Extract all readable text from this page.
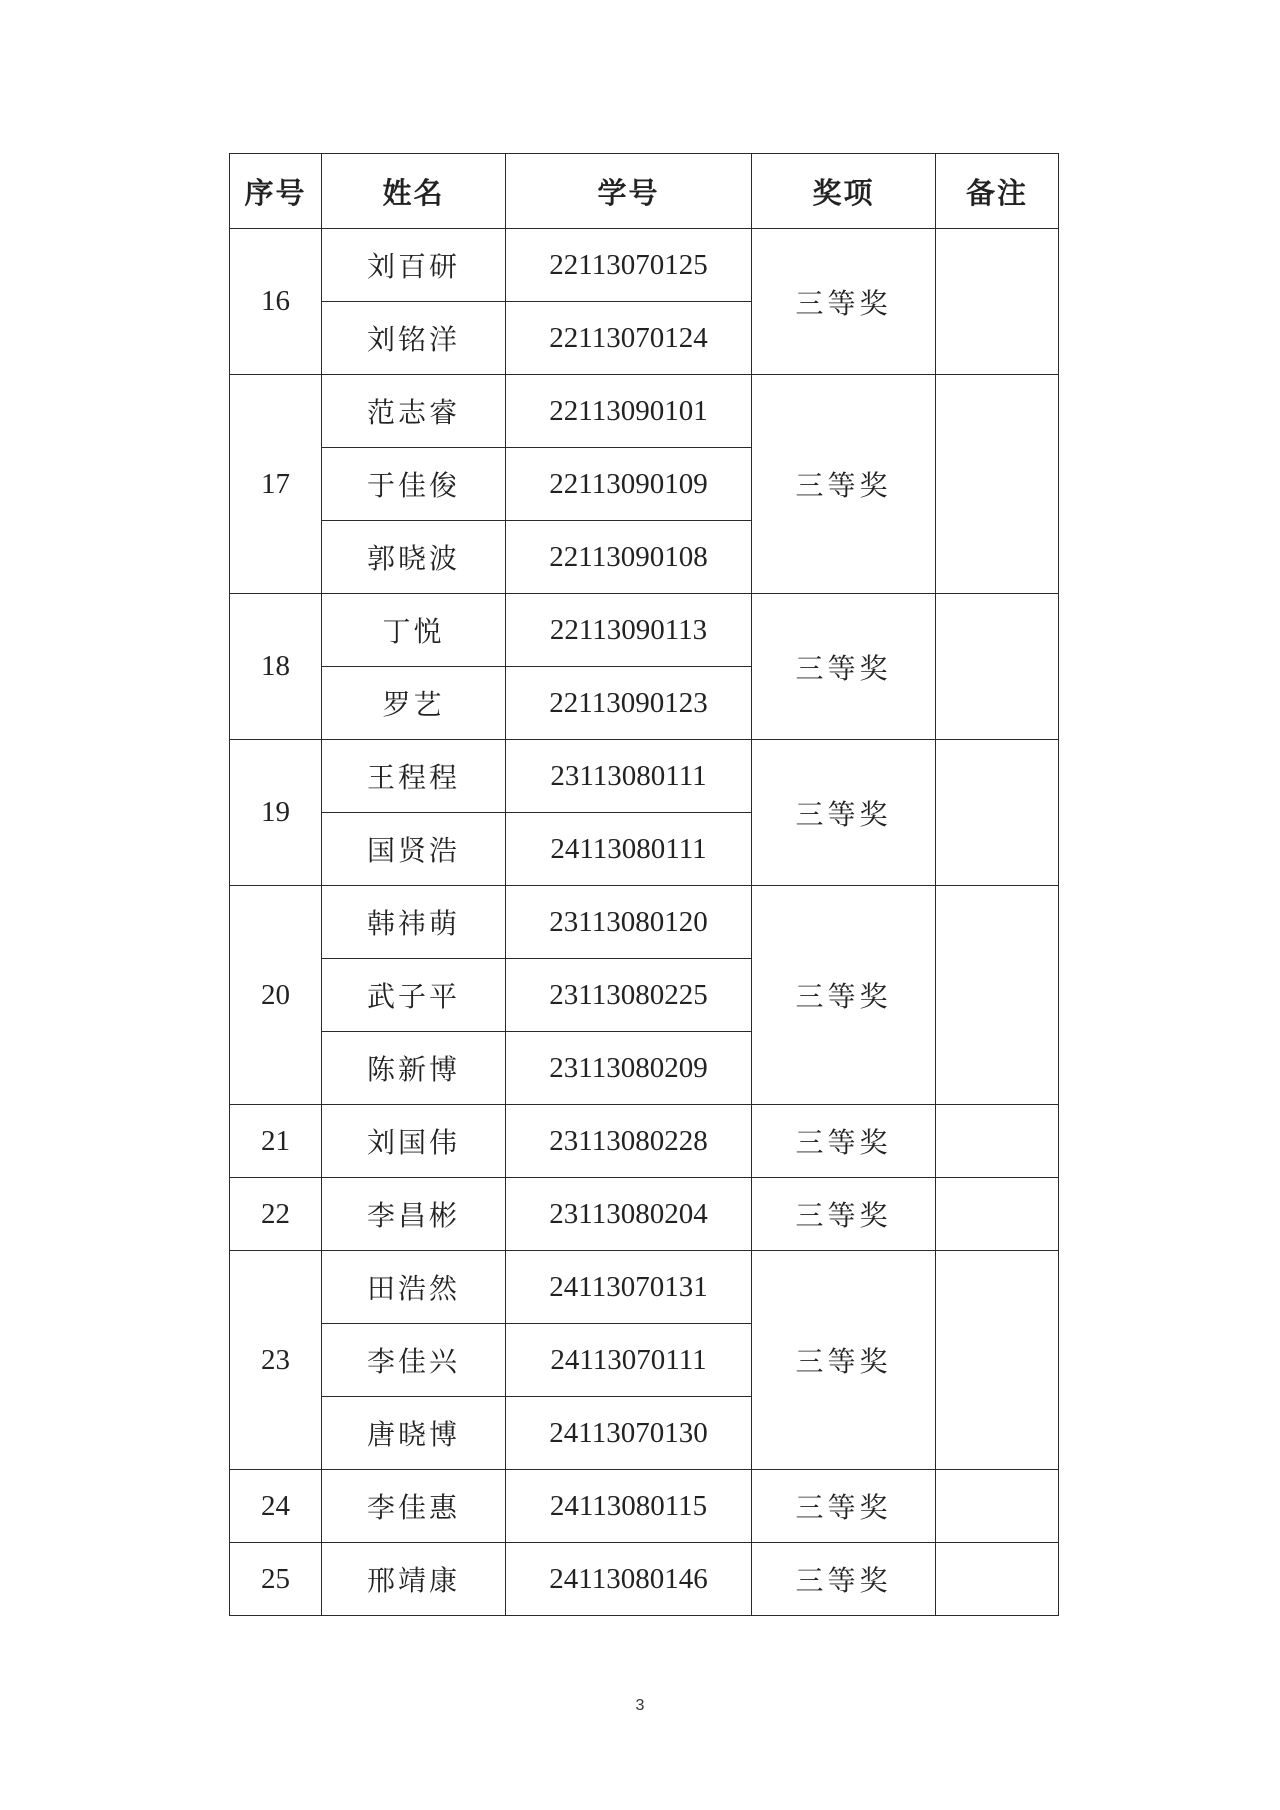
序号	姓名	学号	奖项	备注
16	刘百研	22113070125	三等奖	
	刘铭洋	22113070124		
17	范志睿	22113090101	三等奖	
	于佳俊	22113090109		
	郭晓波	22113090108		
18	丁悦	22113090113	三等奖	
	罗艺	22113090123		
19	王程程	23113080111	三等奖	
	国贤浩	24113080111		
20	韩祎萌	23113080120	三等奖	
	武子平	23113080225		
	陈新博	23113080209		
21	刘国伟	23113080228	三等奖	
22	李昌彬	23113080204	三等奖	
23	田浩然	24113070131	三等奖	
	李佳兴	24113070111		
	唐晓博	24113070130		
24	李佳惠	24113080115	三等奖	
25	邢靖康	24113080146	三等奖	
3
